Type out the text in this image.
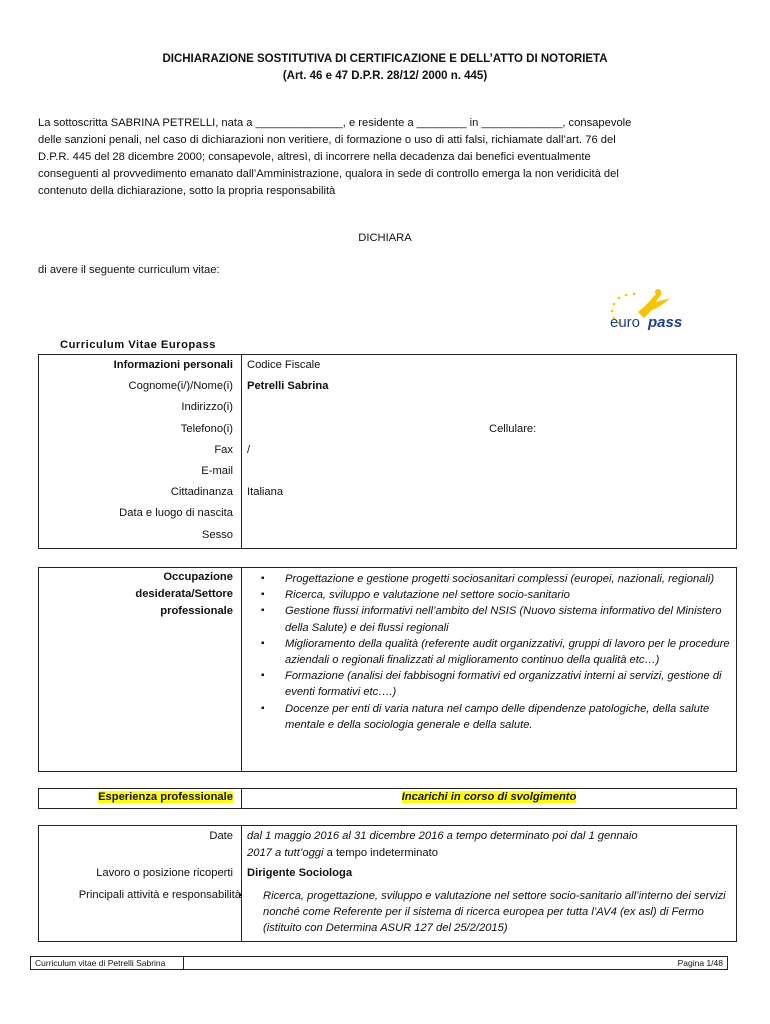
DICHIARAZIONE SOSTITUTIVA DI CERTIFICAZIONE E DELL’ATTO DI NOTORIETA
(Art. 46 e 47 D.P.R. 28/12/ 2000 n. 445)
La sottoscritta SABRINA PETRELLI, nata a ______________, e residente a ________ in _____________, consapevole
delle sanzioni penali, nel caso di dichiarazioni non veritiere, di formazione o uso di atti falsi, richiamate dall’art. 76 del
D.P.R. 445 del 28 dicembre 2000; consapevole, altresì, di incorrere nella decadenza dai benefici eventualmente
conseguenti al provvedimento emanato dall’Amministrazione, qualora in sede di controllo emerga la non veridicità del
contenuto della dichiarazione, sotto la propria responsabilità
DICHIARA
di avere il seguente curriculum vitae:
euro pass
Curriculum Vitae Europass
Informazioni personali
Cognome(i/)/Nome(i)
Indirizzo(i)
Telefono(i)
Fax
E-mail
Cittadinanza
Data e luogo di nascita
Sesso
Codice Fiscale
Petrelli Sabrina
Cellulare:
/
Italiana
Occupazione
desiderata/Settore
professionale
▪ Progettazione e gestione progetti sociosanitari complessi (europei, nazionali, regionali)
▪ Ricerca, sviluppo e valutazione nel settore socio-sanitario
▪ Gestione flussi informativi nell’ambito del NSIS (Nuovo sistema informativo del Ministero della Salute) e dei flussi regionali
▪ Miglioramento della qualità (referente audit organizzativi, gruppi di lavoro per le procedure aziendali o regionali finalizzati al miglioramento continuo della qualità etc…)
▪ Formazione (analisi dei fabbisogni formativi ed organizzativi interni ai servizi, gestione di eventi formativi etc….)
▪ Docenze per enti di varia natura nel campo delle dipendenze patologiche, della salute mentale e della sociologia generale e della salute.
Esperienza professionale	Incarichi in corso di svolgimento
Date
Lavoro o posizione ricoperti
Principali attività e responsabilità
dal 1 maggio 2016 al 31 dicembre 2016 a tempo determinato poi dal 1 gennaio
2017 a tutt’oggi a tempo indeterminato
Dirigente Sociologa
▪ Ricerca, progettazione, sviluppo e valutazione nel settore socio-sanitario all’interno dei servizi nonché come Referente per il sistema di ricerca europea per tutta l’AV4 (ex asl) di Fermo (istituito con Determina ASUR 127 del 25/2/2015)
Curriculum vitae di Petrelli Sabrina	Pagina 1/48
